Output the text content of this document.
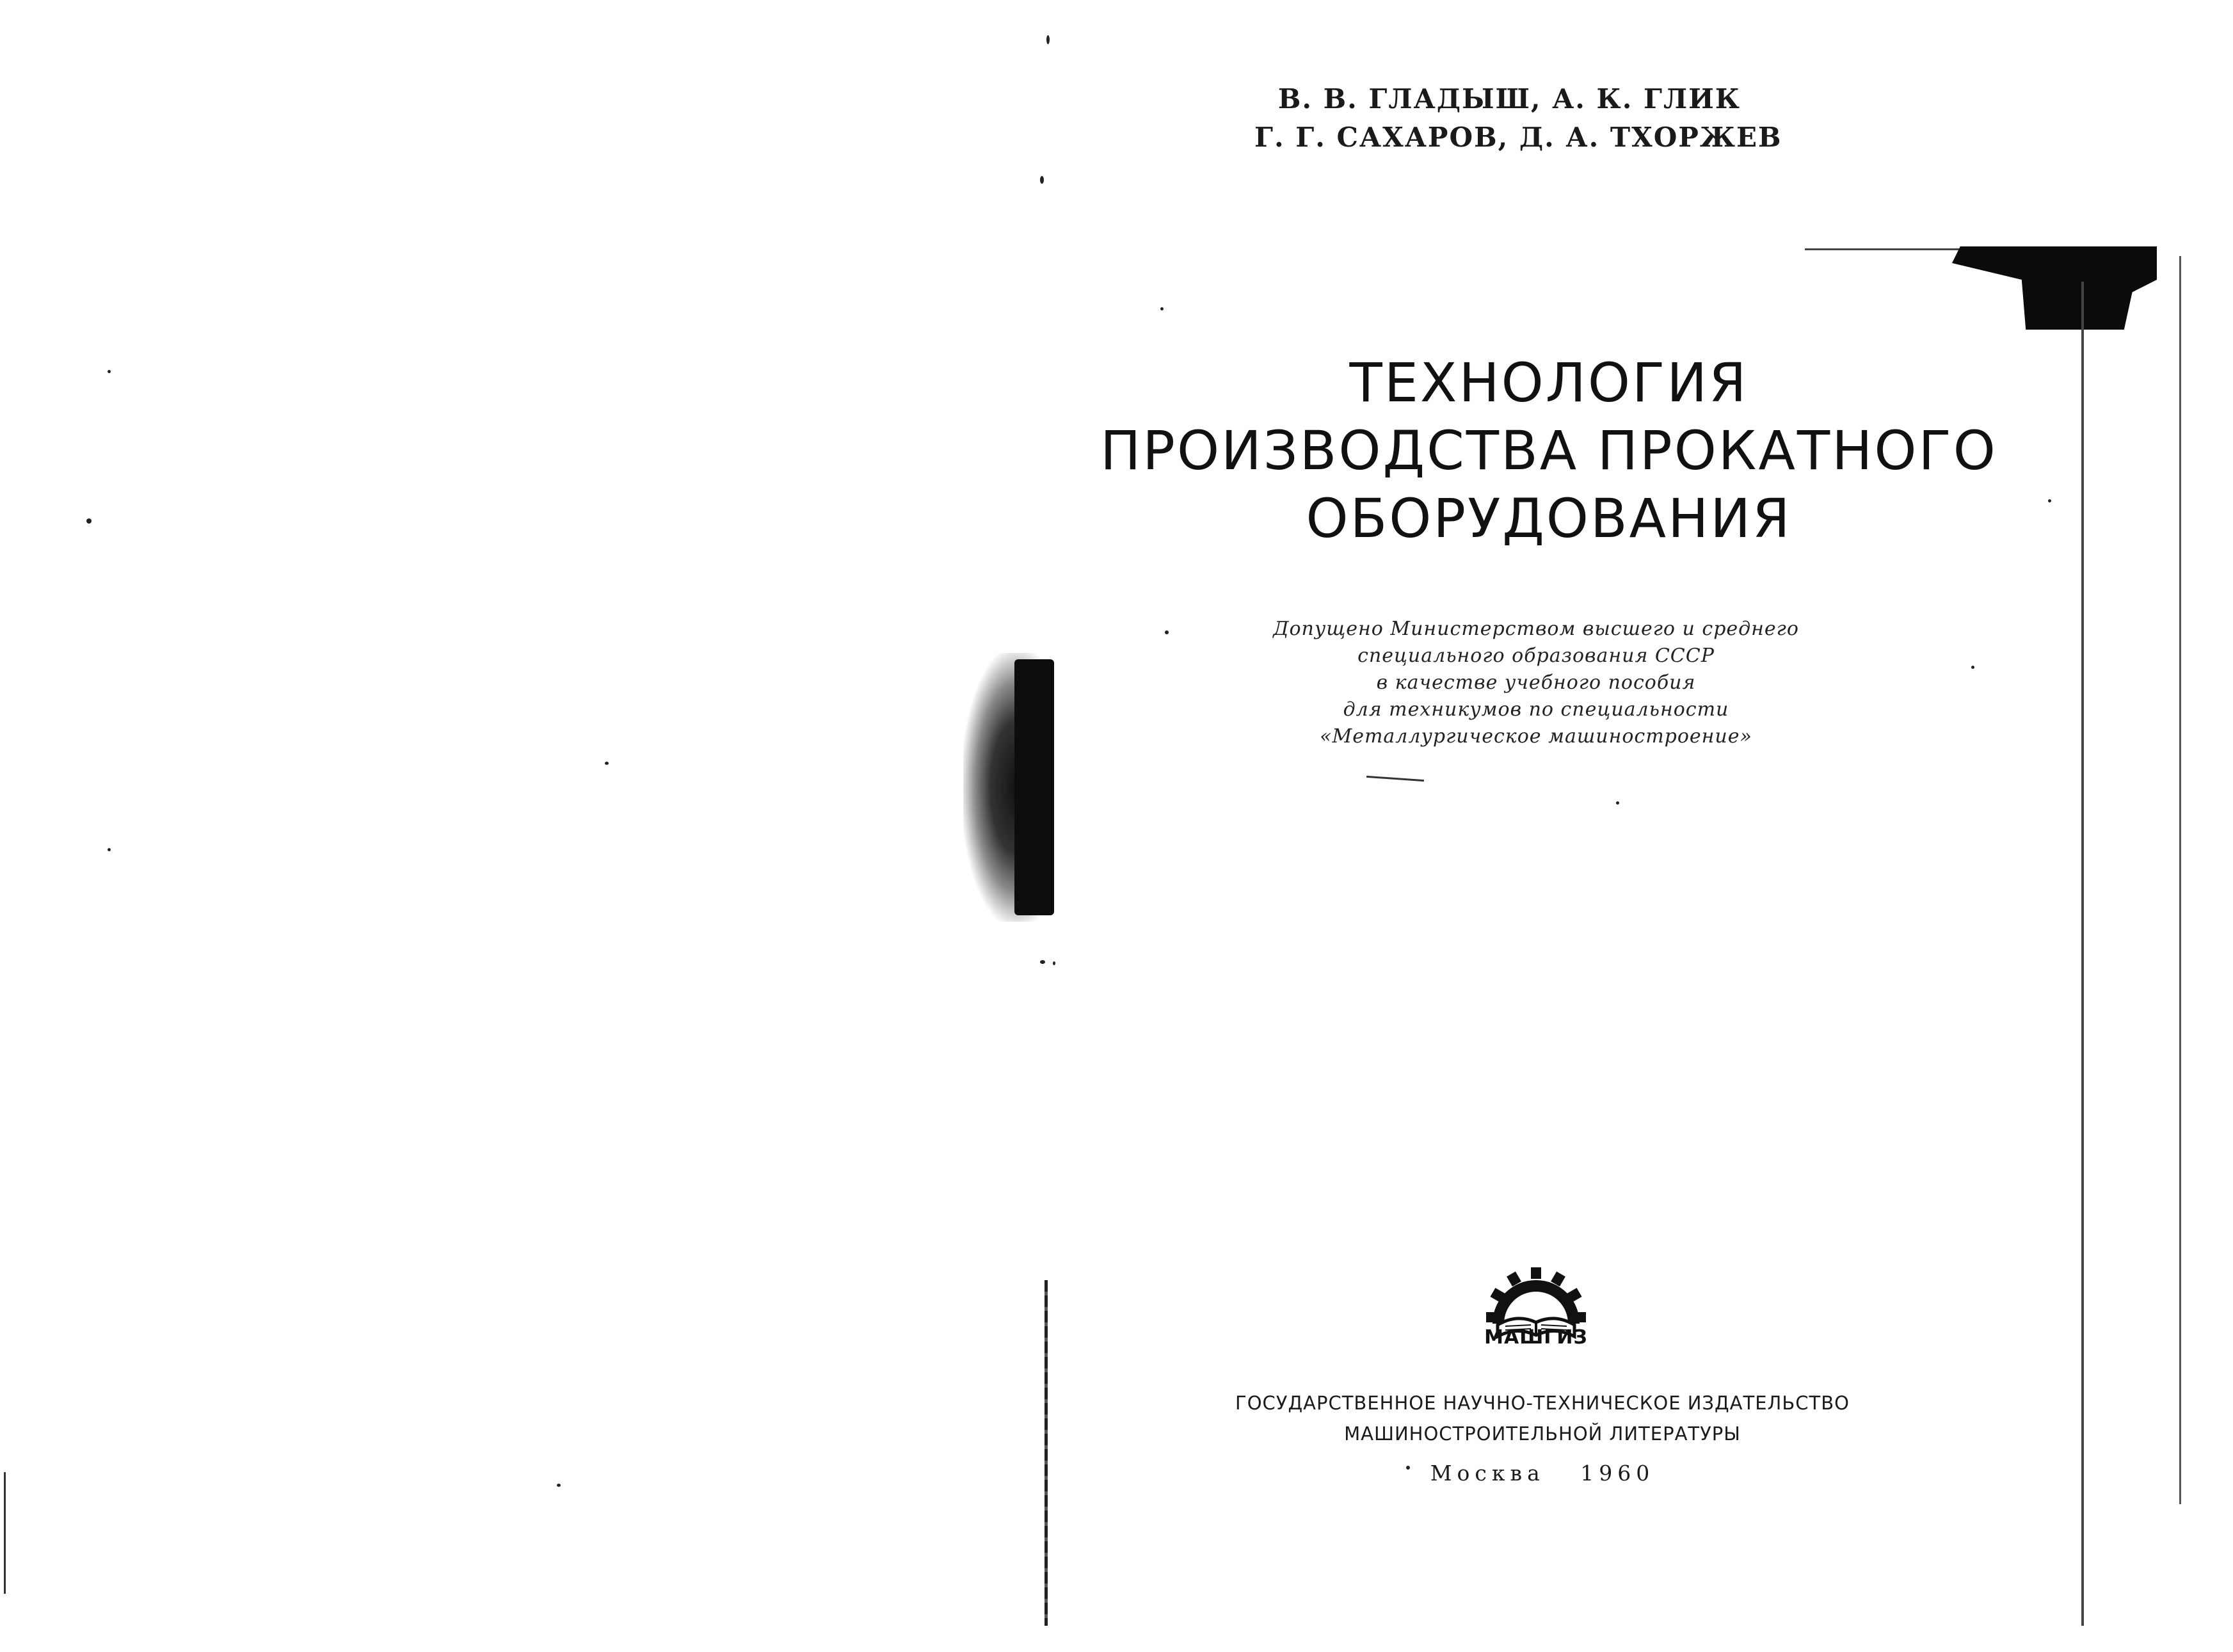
В. В. ГЛАДЫШ, А. К. ГЛИК
Г. Г. САХАРОВ, Д. А. ТХОРЖЕВ
ТЕХНОЛОГИЯ
ПРОИЗВОДСТВА ПРОКАТНОГО
ОБОРУДОВАНИЯ
Допущено Министерством высшего и среднего
специального образования СССР
в качестве учебного пособия
для техникумов по специальности
«Металлургическое машиностроение»
МАШГИЗ
ГОСУДАРСТВЕННОЕ НАУЧНО-ТЕХНИЧЕСКОЕ ИЗДАТЕЛЬСТВО
МАШИНОСТРОИТЕЛЬНОЙ ЛИТЕРАТУРЫ
Москва 1960
